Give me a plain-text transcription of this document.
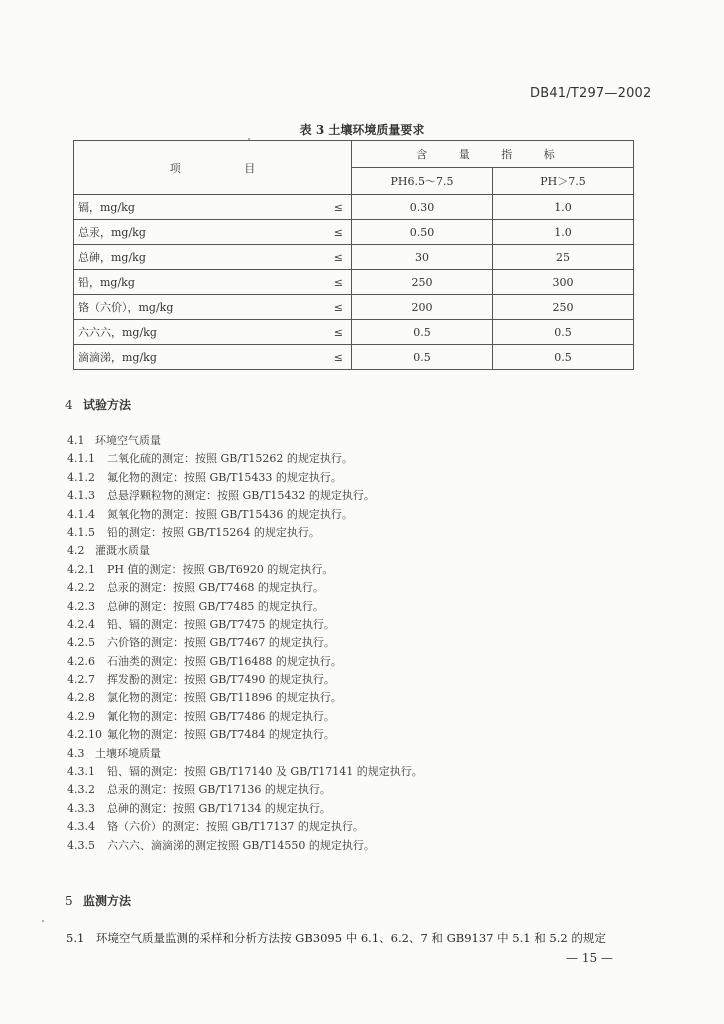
DB41/T297—2002
表 3 土壤环境质量要求
项 目		含 量 指 标	
		PH6.5～7.5	PH＞7.5
镉，mg/kg	≤	0.30	1.0
总汞，mg/kg	≤	0.50	1.0
总砷，mg/kg	≤	30	25
铅，mg/kg	≤	250	300
铬（六价），mg/kg	≤	200	250
六六六，mg/kg	≤	0.5	0.5
滴滴涕，mg/kg	≤	0.5	0.5
4 试验方法
4.1 环境空气质量
4.1.1 二氧化硫的测定：按照 GB/T15262 的规定执行。
4.1.2 氟化物的测定：按照 GB/T15433 的规定执行。
4.1.3 总悬浮颗粒物的测定：按照 GB/T15432 的规定执行。
4.1.4 氮氧化物的测定：按照 GB/T15436 的规定执行。
4.1.5 铅的测定：按照 GB/T15264 的规定执行。
4.2 灌溉水质量
4.2.1 PH 值的测定：按照 GB/T6920 的规定执行。
4.2.2 总汞的测定：按照 GB/T7468 的规定执行。
4.2.3 总砷的测定：按照 GB/T7485 的规定执行。
4.2.4 铅、镉的测定：按照 GB/T7475 的规定执行。
4.2.5 六价铬的测定：按照 GB/T7467 的规定执行。
4.2.6 石油类的测定：按照 GB/T16488 的规定执行。
4.2.7 挥发酚的测定：按照 GB/T7490 的规定执行。
4.2.8 氯化物的测定：按照 GB/T11896 的规定执行。
4.2.9 氰化物的测定：按照 GB/T7486 的规定执行。
4.2.10 氟化物的测定：按照 GB/T7484 的规定执行。
4.3 土壤环境质量
4.3.1 铅、镉的测定：按照 GB/T17140 及 GB/T17141 的规定执行。
4.3.2 总汞的测定：按照 GB/T17136 的规定执行。
4.3.3 总砷的测定：按照 GB/T17134 的规定执行。
4.3.4 铬（六价）的测定：按照 GB/T17137 的规定执行。
4.3.5 六六六、滴滴涕的测定按照 GB/T14550 的规定执行。
5 监测方法
5.1 环境空气质量监测的采样和分析方法按 GB3095 中 6.1、6.2、7 和 GB9137 中 5.1 和 5.2 的规定
— 15 —
